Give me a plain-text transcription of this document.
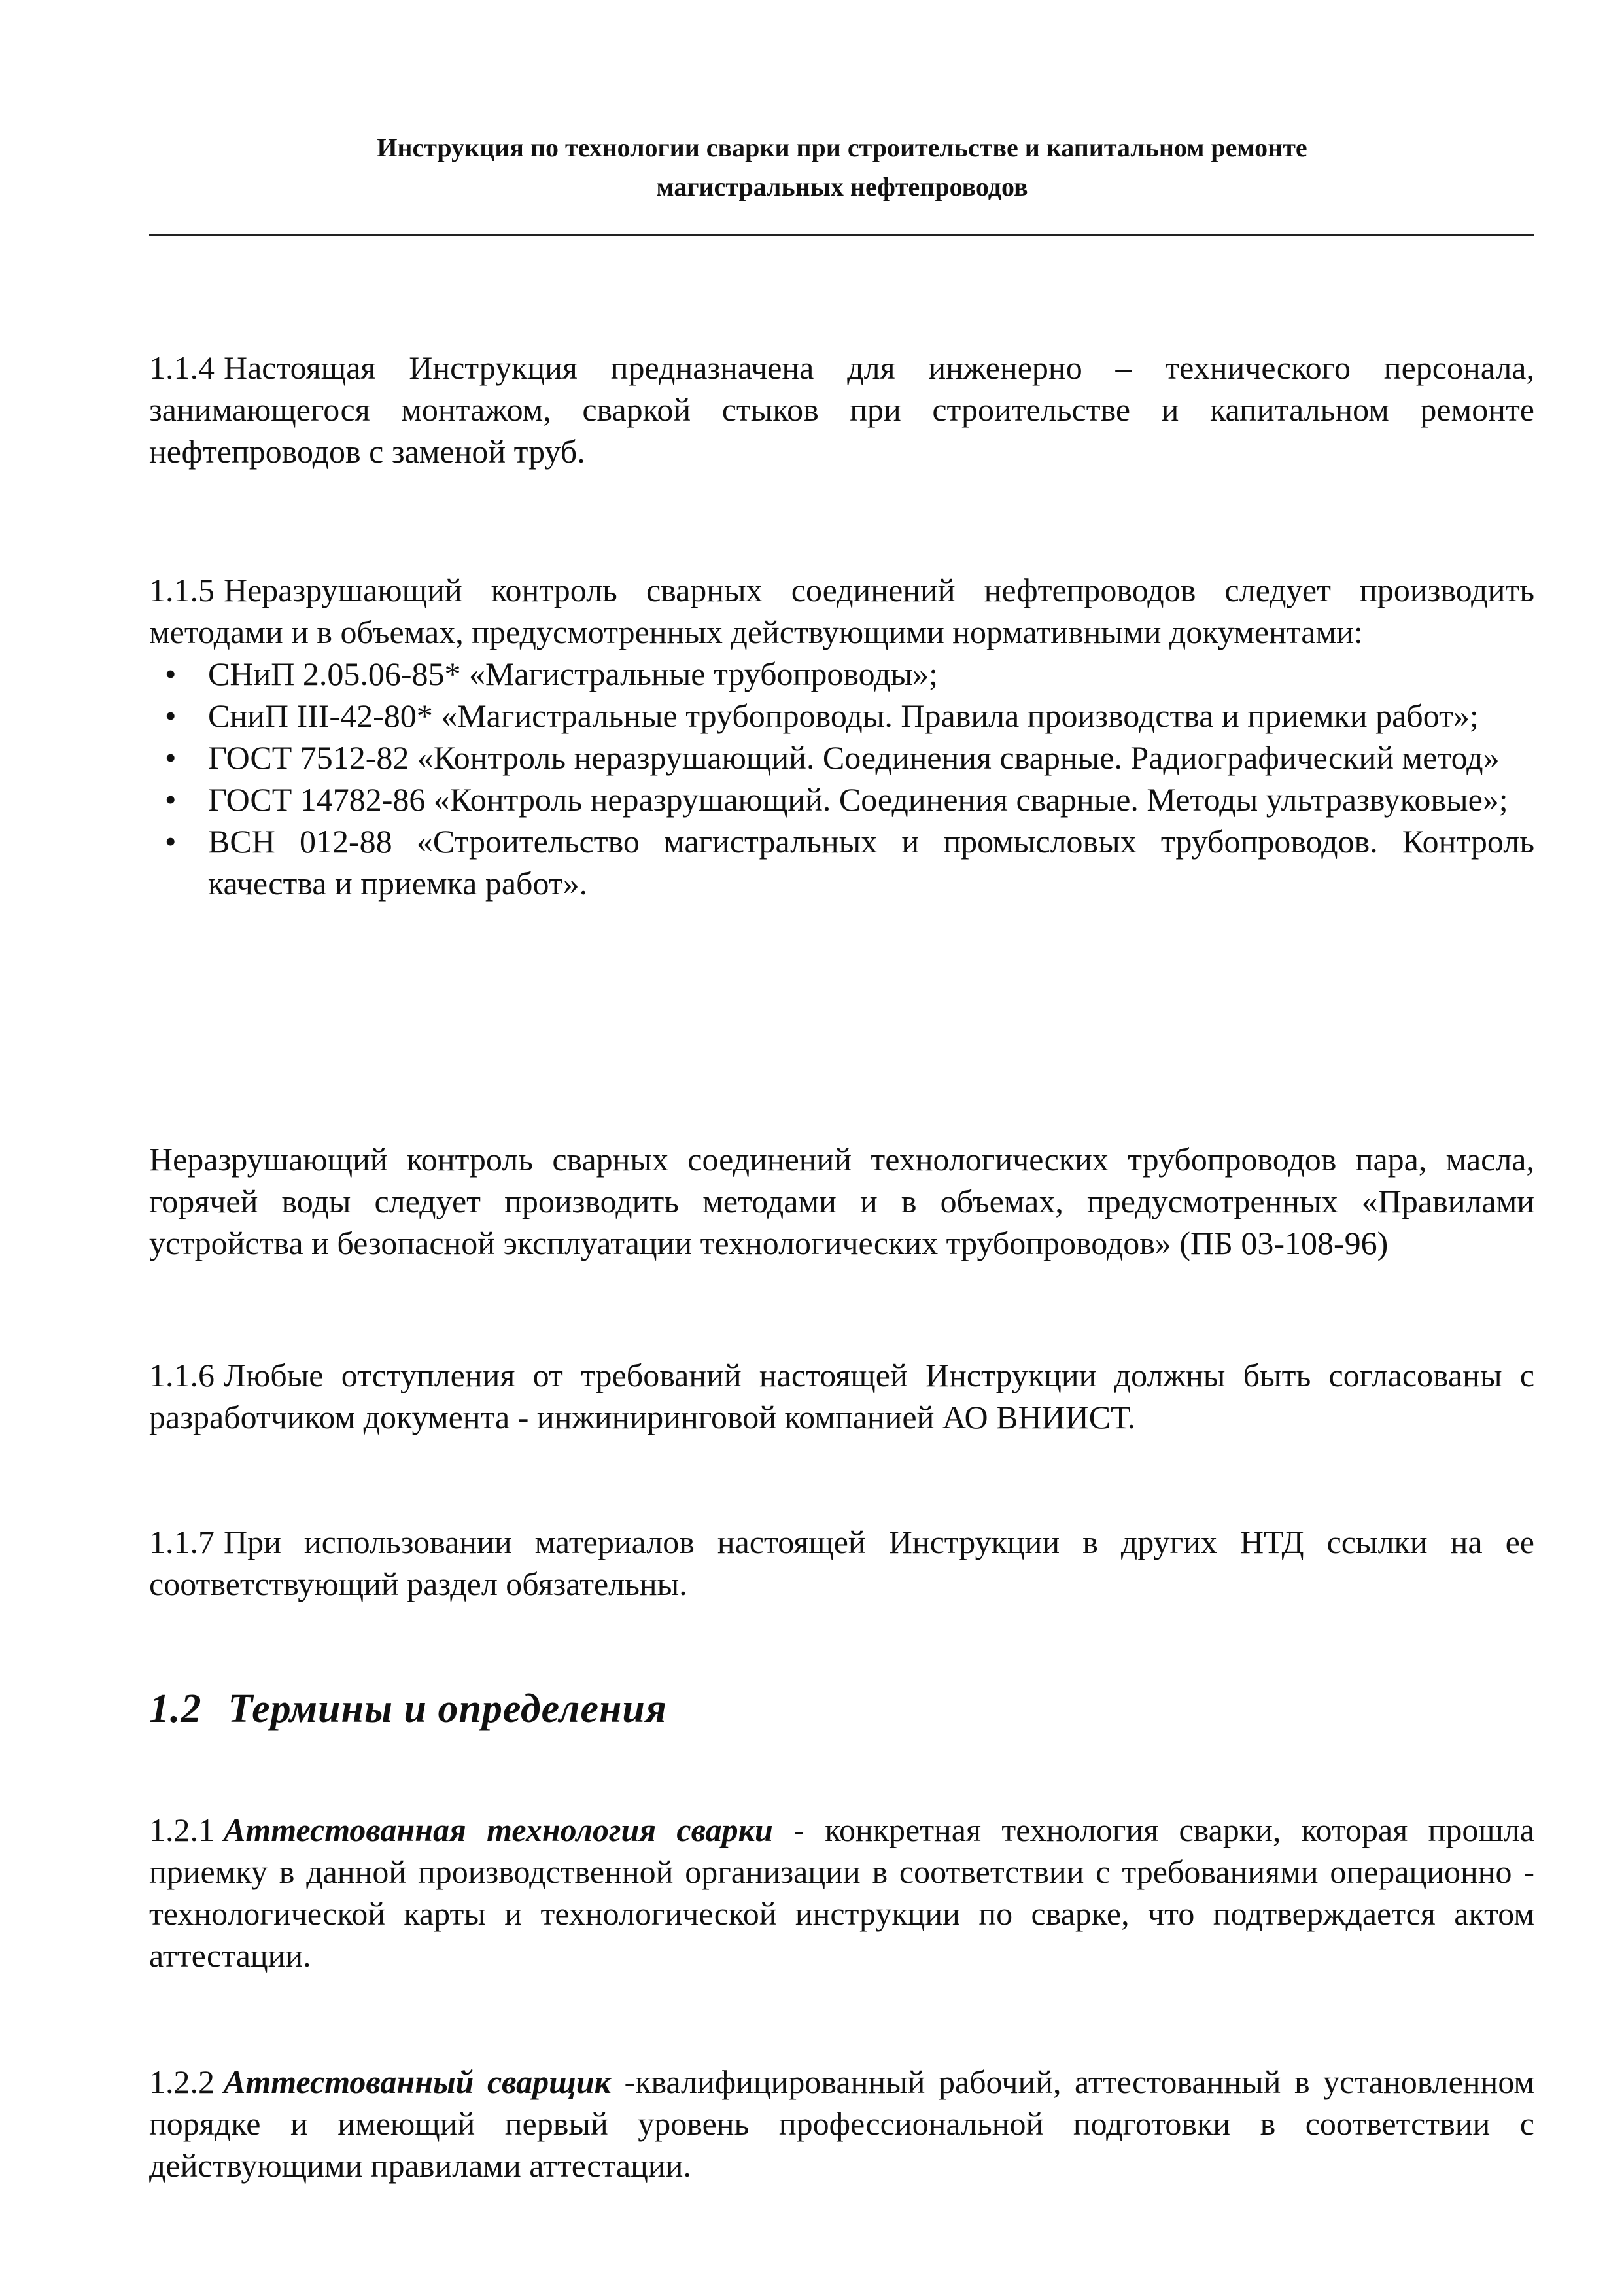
Инструкция по технологии сварки при строительстве и капитальном ремонте
магистральных нефтепроводов

1.1.4 Настоящая Инструкция предназначена для инженерно – технического персонала, занимающегося монтажом, сваркой стыков при строительстве и капитальном ремонте нефтепроводов с заменой труб.

1.1.5 Неразрушающий контроль сварных соединений нефтепроводов следует производить методами и в объемах, предусмотренных действующими нормативными документами:

• СНиП 2.05.06-85* «Магистральные трубопроводы»;
• СниП III-42-80* «Магистральные трубопроводы. Правила производства и приемки работ»;
• ГОСТ 7512-82 «Контроль неразрушающий. Соединения сварные. Радиографический метод»
• ГОСТ 14782-86 «Контроль неразрушающий. Соединения сварные. Методы ультразвуковые»;
• ВСН 012-88 «Строительство магистральных и промысловых трубопроводов. Контроль качества и приемка работ».

Неразрушающий контроль сварных соединений технологических трубопроводов пара, масла, горячей воды следует производить методами и в объемах, предусмотренных «Правилами устройства и безопасной эксплуатации технологических трубопроводов» (ПБ 03-108-96)

1.1.6 Любые отступления от требований настоящей Инструкции должны быть согласованы с разработчиком документа - инжиниринговой компанией АО ВНИИСТ.

1.1.7 При использовании материалов настоящей Инструкции в других НТД ссылки на ее соответствующий раздел обязательны.

1.2 Термины и определения

1.2.1 Аттестованная технология сварки - конкретная технология сварки, которая прошла приемку в данной производственной организации в соответствии с требованиями операционно - технологической карты и технологической инструкции по сварке, что подтверждается актом аттестации.

1.2.2 Аттестованный сварщик -квалифицированный рабочий, аттестованный в установленном порядке и имеющий первый уровень профессиональной подготовки в соответствии с действующими правилами аттестации.
